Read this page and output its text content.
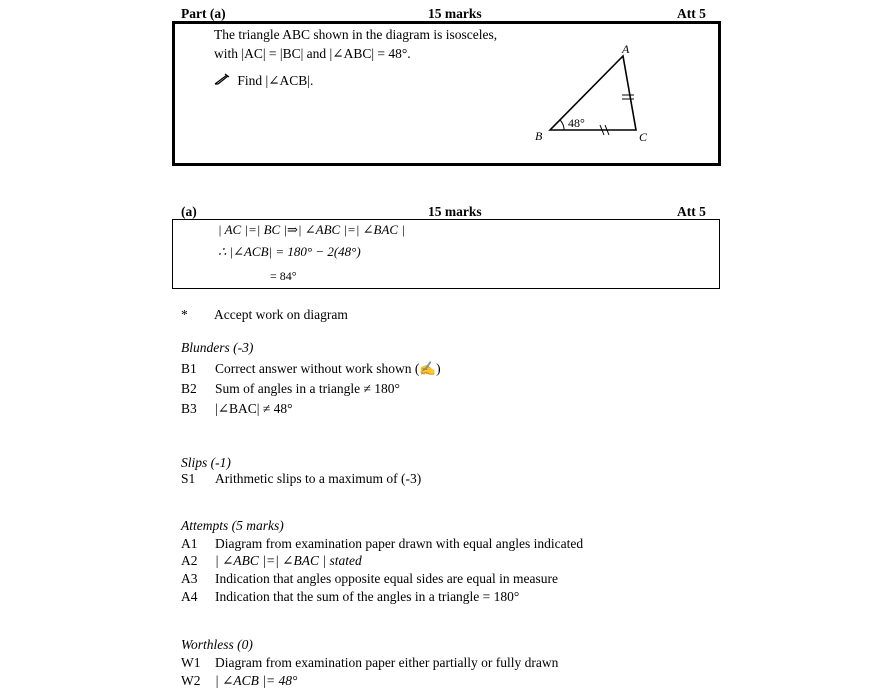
Part (a)	15 marks	Att 5
The triangle ABC shown in the diagram is isosceles,
with |AC| = |BC| and |∠ABC| = 48°.
Find |∠ACB|.
A
B	C
48°
(a)	15 marks	Att 5
| AC |=| BC |⇒| ∠ABC |=| ∠BAC |
∴ |∠ACB| = 180° − 2(48°)
= 84°
* Accept work on diagram
Blunders (-3)
B1 Correct answer without work shown (✍)
B2 Sum of angles in a triangle ≠ 180°
B3 |∠BAC| ≠ 48°
Slips (-1)
S1 Arithmetic slips to a maximum of (-3)
Attempts (5 marks)
A1 Diagram from examination paper drawn with equal angles indicated
A2 | ∠ABC |=| ∠BAC | stated
A3 Indication that angles opposite equal sides are equal in measure
A4 Indication that the sum of the angles in a triangle = 180°
Worthless (0)
W1 Diagram from examination paper either partially or fully drawn
W2 | ∠ACB |= 48°
